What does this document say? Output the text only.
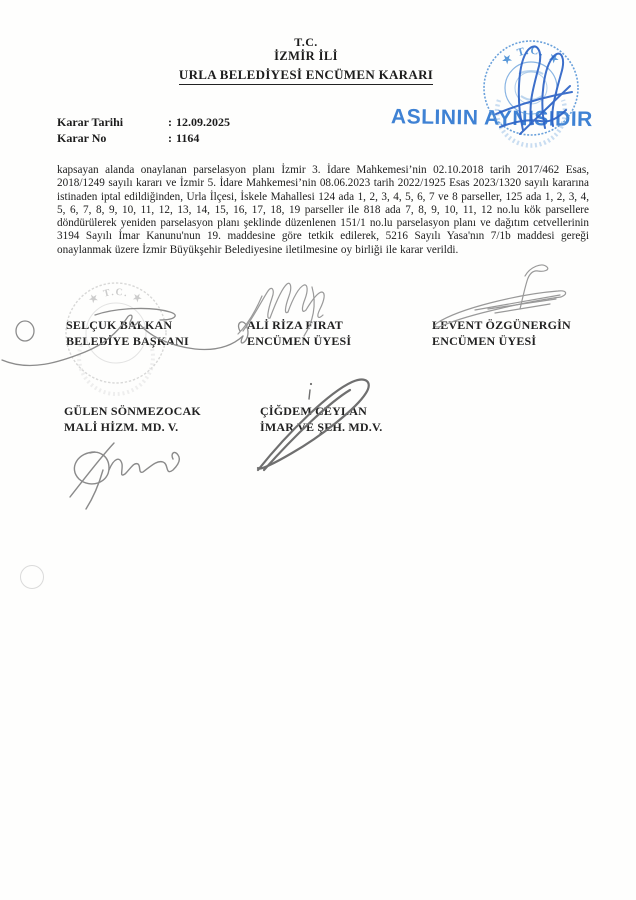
T.C.
İZMİR İLİ
URLA BELEDİYESİ ENCÜMEN KARARI
Karar Tarihi	: 12.09.2025
Karar No	: 1164
kapsayan alanda onaylanan parselasyon planı İzmir 3. İdare Mahkemesi’nin 02.10.2018 tarih 2017/462 Esas, 2018/1249 sayılı kararı ve İzmir 5. İdare Mahkemesi’nin 08.06.2023 tarih 2022/1925 Esas 2023/1320 sayılı kararına istinaden iptal edildiğinden, Urla İlçesi, İskele Mahallesi 124 ada 1, 2, 3, 4, 5, 6, 7 ve 8 parseller, 125 ada 1, 2, 3, 4, 5, 6, 7, 8, 9, 10, 11, 12, 13, 14, 15, 16, 17, 18, 19 parseller ile 818 ada 7, 8, 9, 10, 11, 12 no.lu kök parsellere döndürülerek yeniden parselasyon planı şeklinde düzenlenen 151/1 no.lu parselasyon planı ve dağıtım cetvellerinin 3194 Sayılı İmar Kanunu'nun 19. maddesine göre tetkik edilerek, 5216 Sayılı Yasa'nın 7/1b maddesi gereği onaylanmak üzere İzmir Büyükşehir Belediyesine iletilmesine oy birliği ile karar verildi.
SELÇUK BALKAN
BELEDİYE BAŞKANI
ALİ RİZA FIRAT
ENCÜMEN ÜYESİ
LEVENT ÖZGÜNERGİN
ENCÜMEN ÜYESİ
GÜLEN SÖNMEZOCAK
MALİ HİZM. MD. V.
ÇİĞDEM CEYLAN
İMAR VE ŞEH. MD.V.
ASLININ AYNISIDIR
★ T.C. ★
★ T.C. ★
